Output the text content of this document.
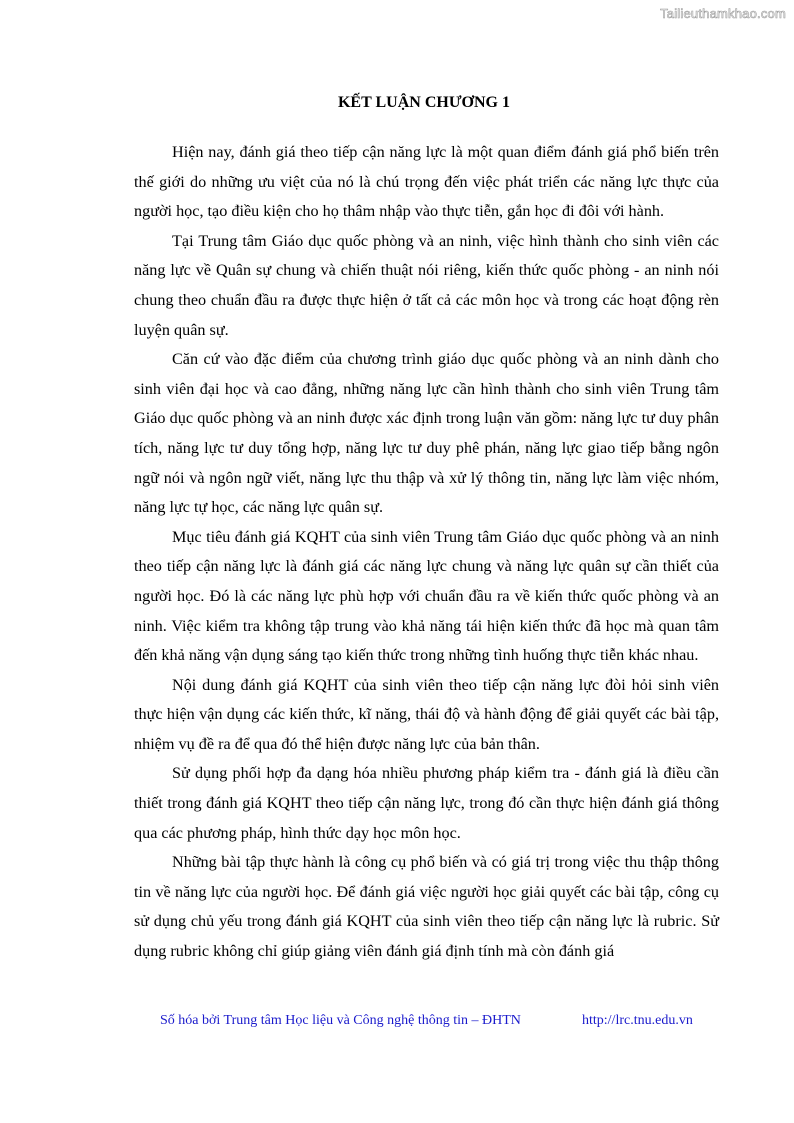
Tailieuthamkhao.com
KẾT LUẬN CHƯƠNG 1

Hiện nay, đánh giá theo tiếp cận năng lực là một quan điểm đánh giá phổ biến trên thế giới do những ưu việt của nó là chú trọng đến việc phát triển các năng lực thực của người học, tạo điều kiện cho họ thâm nhập vào thực tiễn, gắn học đi đôi với hành.

Tại Trung tâm Giáo dục quốc phòng và an ninh, việc hình thành cho sinh viên các năng lực về Quân sự chung và chiến thuật nói riêng, kiến thức quốc phòng - an ninh nói chung theo chuẩn đầu ra được thực hiện ở tất cả các môn học và trong các hoạt động rèn luyện quân sự.

Căn cứ vào đặc điểm của chương trình giáo dục quốc phòng và an ninh dành cho sinh viên đại học và cao đẳng, những năng lực cần hình thành cho sinh viên Trung tâm Giáo dục quốc phòng và an ninh được xác định trong luận văn gồm: năng lực tư duy phân tích, năng lực tư duy tổng hợp, năng lực tư duy phê phán, năng lực giao tiếp bằng ngôn ngữ nói và ngôn ngữ viết, năng lực thu thập và xử lý thông tin, năng lực làm việc nhóm, năng lực tự học, các năng lực quân sự.

Mục tiêu đánh giá KQHT của sinh viên Trung tâm Giáo dục quốc phòng và an ninh theo tiếp cận năng lực là đánh giá các năng lực chung và năng lực quân sự cần thiết của người học. Đó là các năng lực phù hợp với chuẩn đầu ra về kiến thức quốc phòng và an ninh. Việc kiểm tra không tập trung vào khả năng tái hiện kiến thức đã học mà quan tâm đến khả năng vận dụng sáng tạo kiến thức trong những tình huống thực tiễn khác nhau.

Nội dung đánh giá KQHT của sinh viên theo tiếp cận năng lực đòi hỏi sinh viên thực hiện vận dụng các kiến thức, kĩ năng, thái độ và hành động để giải quyết các bài tập, nhiệm vụ đề ra để qua đó thể hiện được năng lực của bản thân.

Sử dụng phối hợp đa dạng hóa nhiều phương pháp kiểm tra - đánh giá là điều cần thiết trong đánh giá KQHT theo tiếp cận năng lực, trong đó cần thực hiện đánh giá thông qua các phương pháp, hình thức dạy học môn học.

Những bài tập thực hành là công cụ phổ biến và có giá trị trong việc thu thập thông tin về năng lực của người học. Để đánh giá việc người học giải quyết các bài tập, công cụ sử dụng chủ yếu trong đánh giá KQHT của sinh viên theo tiếp cận năng lực là rubric. Sử dụng rubric không chỉ giúp giảng viên đánh giá định tính mà còn đánh giá

Số hóa bởi Trung tâm Học liệu và Công nghệ thông tin – ĐHTN	http://lrc.tnu.edu.vn
